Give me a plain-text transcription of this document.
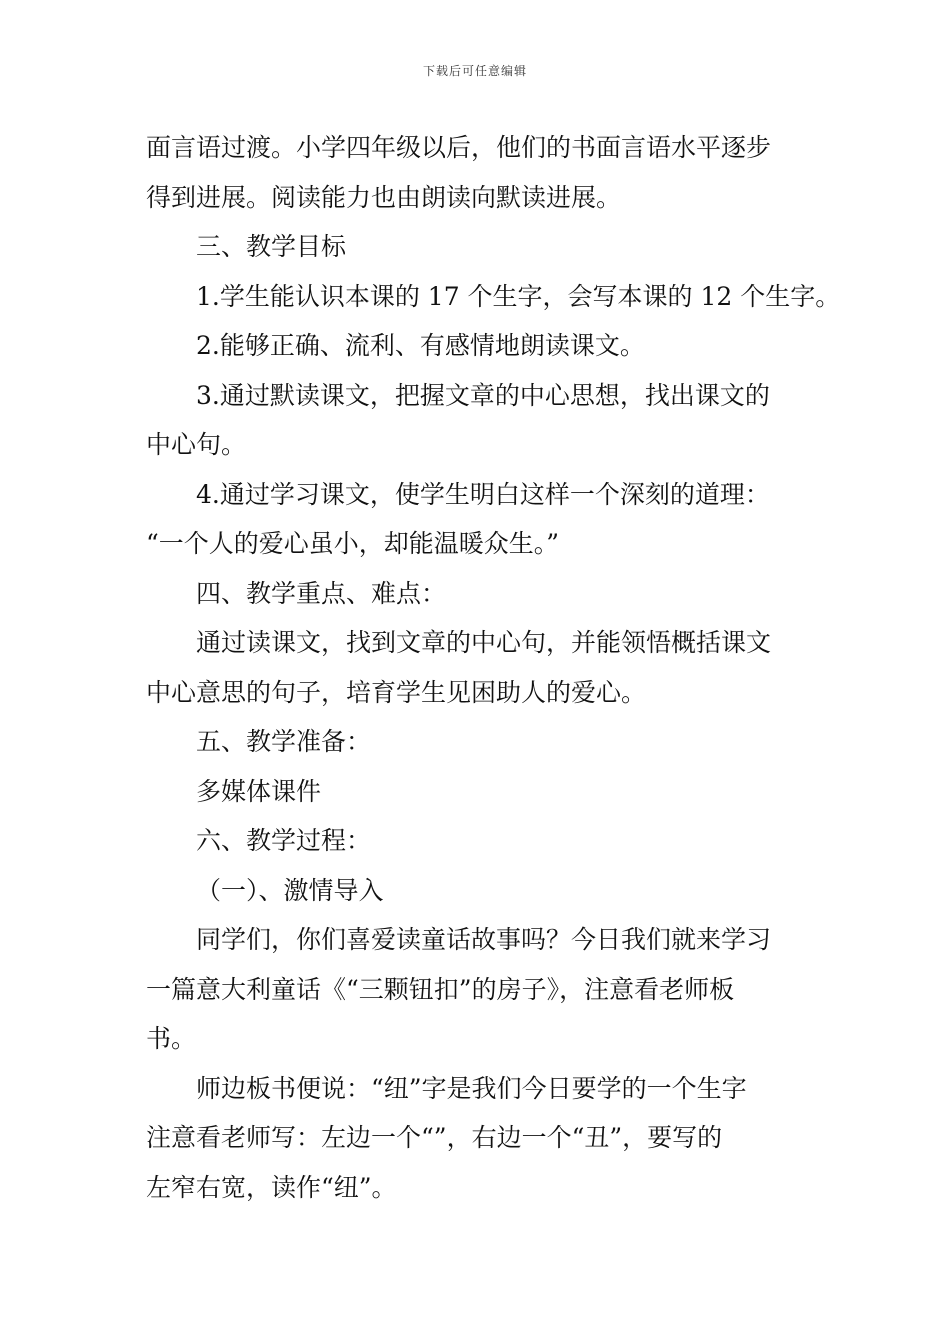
下载后可任意编辑
面言语过渡。小学四年级以后，他们的书面言语水平逐步
得到进展。阅读能力也由朗读向默读进展。
三、教学目标
1.学生能认识本课的 17 个生字，会写本课的 12 个生字。
2.能够正确、流利、有感情地朗读课文。
3.通过默读课文，把握文章的中心思想，找出课文的
中心句。
4.通过学习课文，使学生明白这样一个深刻的道理：
“一个人的爱心虽小，却能温暖众生。”
四、教学重点、难点：
通过读课文，找到文章的中心句，并能领悟概括课文
中心意思的句子，培育学生见困助人的爱心。
五、教学准备：
多媒体课件
六、教学过程：
（一）、激情导入
同学们，你们喜爱读童话故事吗？今日我们就来学习
一篇意大利童话《“三颗钮扣”的房子》，注意看老师板
书。
师边板书便说：“纽”字是我们今日要学的一个生字
注意看老师写：左边一个“”，右边一个“丑”，要写的
左窄右宽，读作“纽”。
